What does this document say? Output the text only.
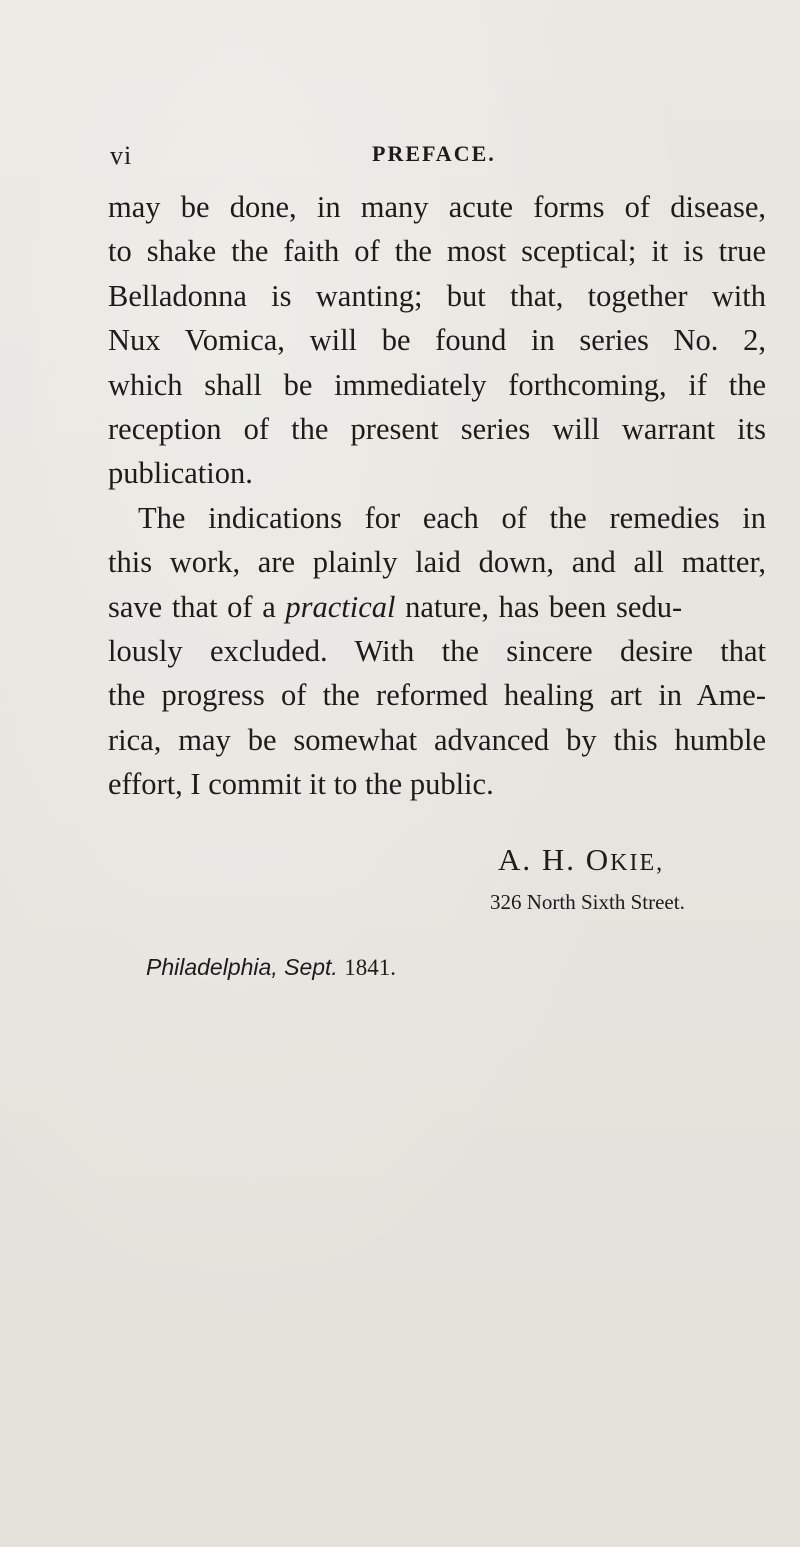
vi	PREFACE.
may be done, in many acute forms of disease,
to shake the faith of the most sceptical; it is true
Belladonna is wanting; but that, together with
Nux Vomica, will be found in series No. 2,
which shall be immediately forthcoming, if the
reception of the present series will warrant its
publication.
The indications for each of the remedies in
this work, are plainly laid down, and all matter,
save that of a practical nature, has been sedu-
lously excluded. With the sincere desire that
the progress of the reformed healing art in Ame-
rica, may be somewhat advanced by this humble
effort, I commit it to the public.
A. H. OKIE,
326 North Sixth Street.
Philadelphia, Sept. 1841.
